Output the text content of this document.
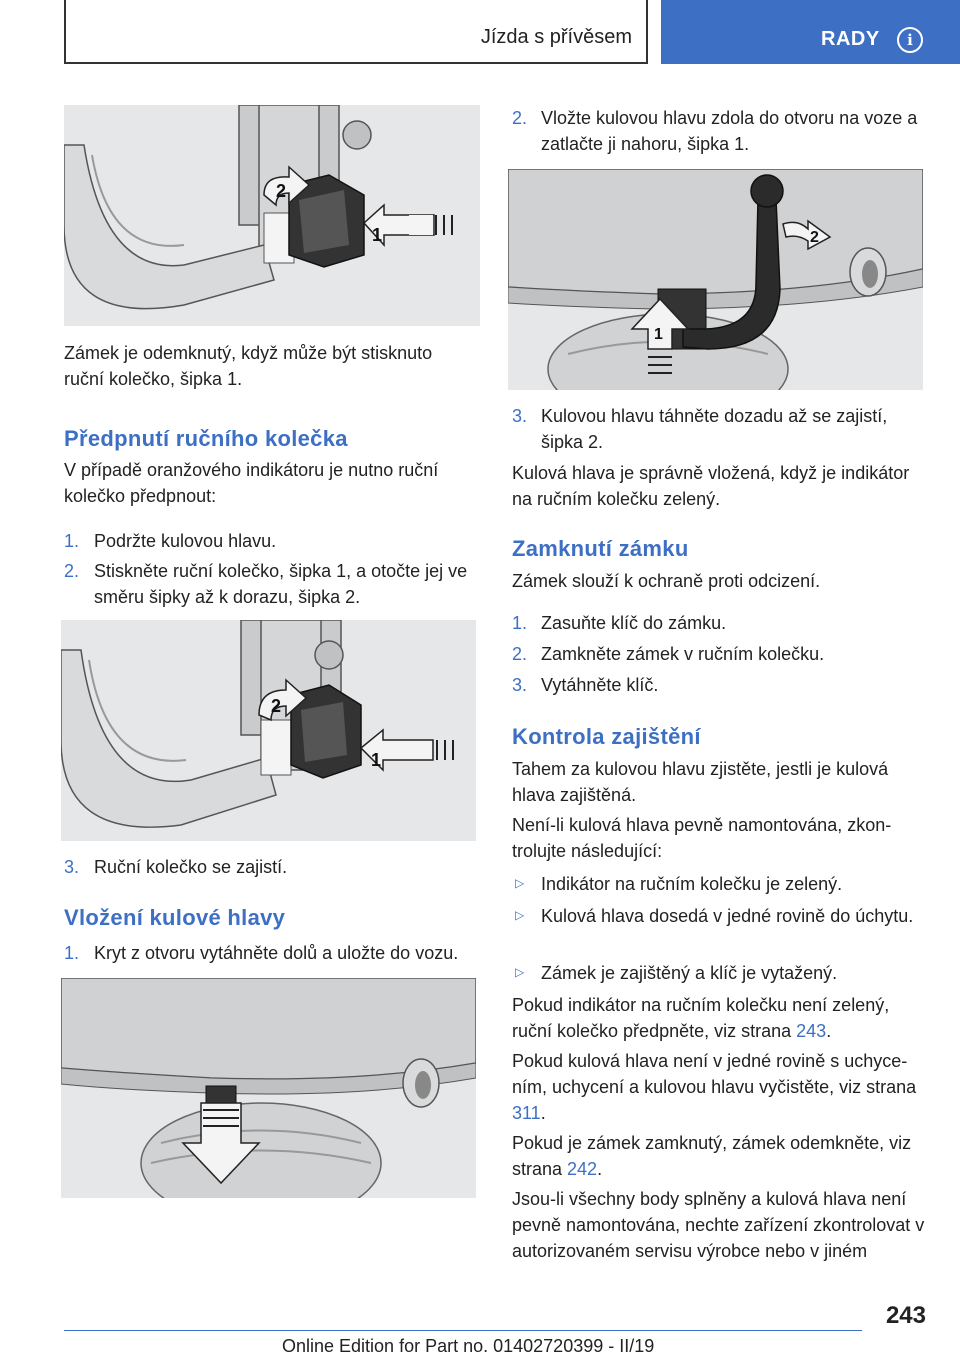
Jízda s přívěsem	RADY	i
1
2
Zámek je odemknutý, když může být stisknuto ruční kolečko, šipka 1.
Předpnutí ručního kolečka
V případě oranžového indikátoru je nutno ruční kolečko předpnout:
1. Podržte kulovou hlavu.
2. Stiskněte ruční kolečko, šipka 1, a otočte jej ve směru šipky až k dorazu, šipka 2.
1
2
3. Ruční kolečko se zajistí.
Vložení kulové hlavy
1. Kryt z otvoru vytáhněte dolů a uložte do vozu.
2. Vložte kulovou hlavu zdola do otvoru na voze a zatlačte ji nahoru, šipka 1.
1
2
3. Kulovou hlavu táhněte dozadu až se zajistí, šipka 2.
Kulová hlava je správně vložená, když je indikátor na ručním kolečku zelený.
Zamknutí zámku
Zámek slouží k ochraně proti odcizení.
1. Zasuňte klíč do zámku.
2. Zamkněte zámek v ručním kolečku.
3. Vytáhněte klíč.
Kontrola zajištění
Tahem za kulovou hlavu zjistěte, jestli je kulová hlava zajištěná.
Není-li kulová hlava pevně namontována, zkontrolujte následující:
▷ Indikátor na ručním kolečku je zelený.
▷ Kulová hlava dosedá v jedné rovině do úchytu.
▷ Zámek je zajištěný a klíč je vytažený.
Pokud indikátor na ručním kolečku není zelený, ruční kolečko předpněte, viz strana 243.
Pokud kulová hlava není v jedné rovině s uchycením, uchycení a kulovou hlavu vyčistěte, viz strana 311.
Pokud je zámek zamknutý, zámek odemkněte, viz strana 242.
Jsou-li všechny body splněny a kulová hlava není pevně namontována, nechte zařízení zkontrolovat v autorizovaném servisu výrobce nebo v jiném
243
Online Edition for Part no. 01402720399 - II/19
